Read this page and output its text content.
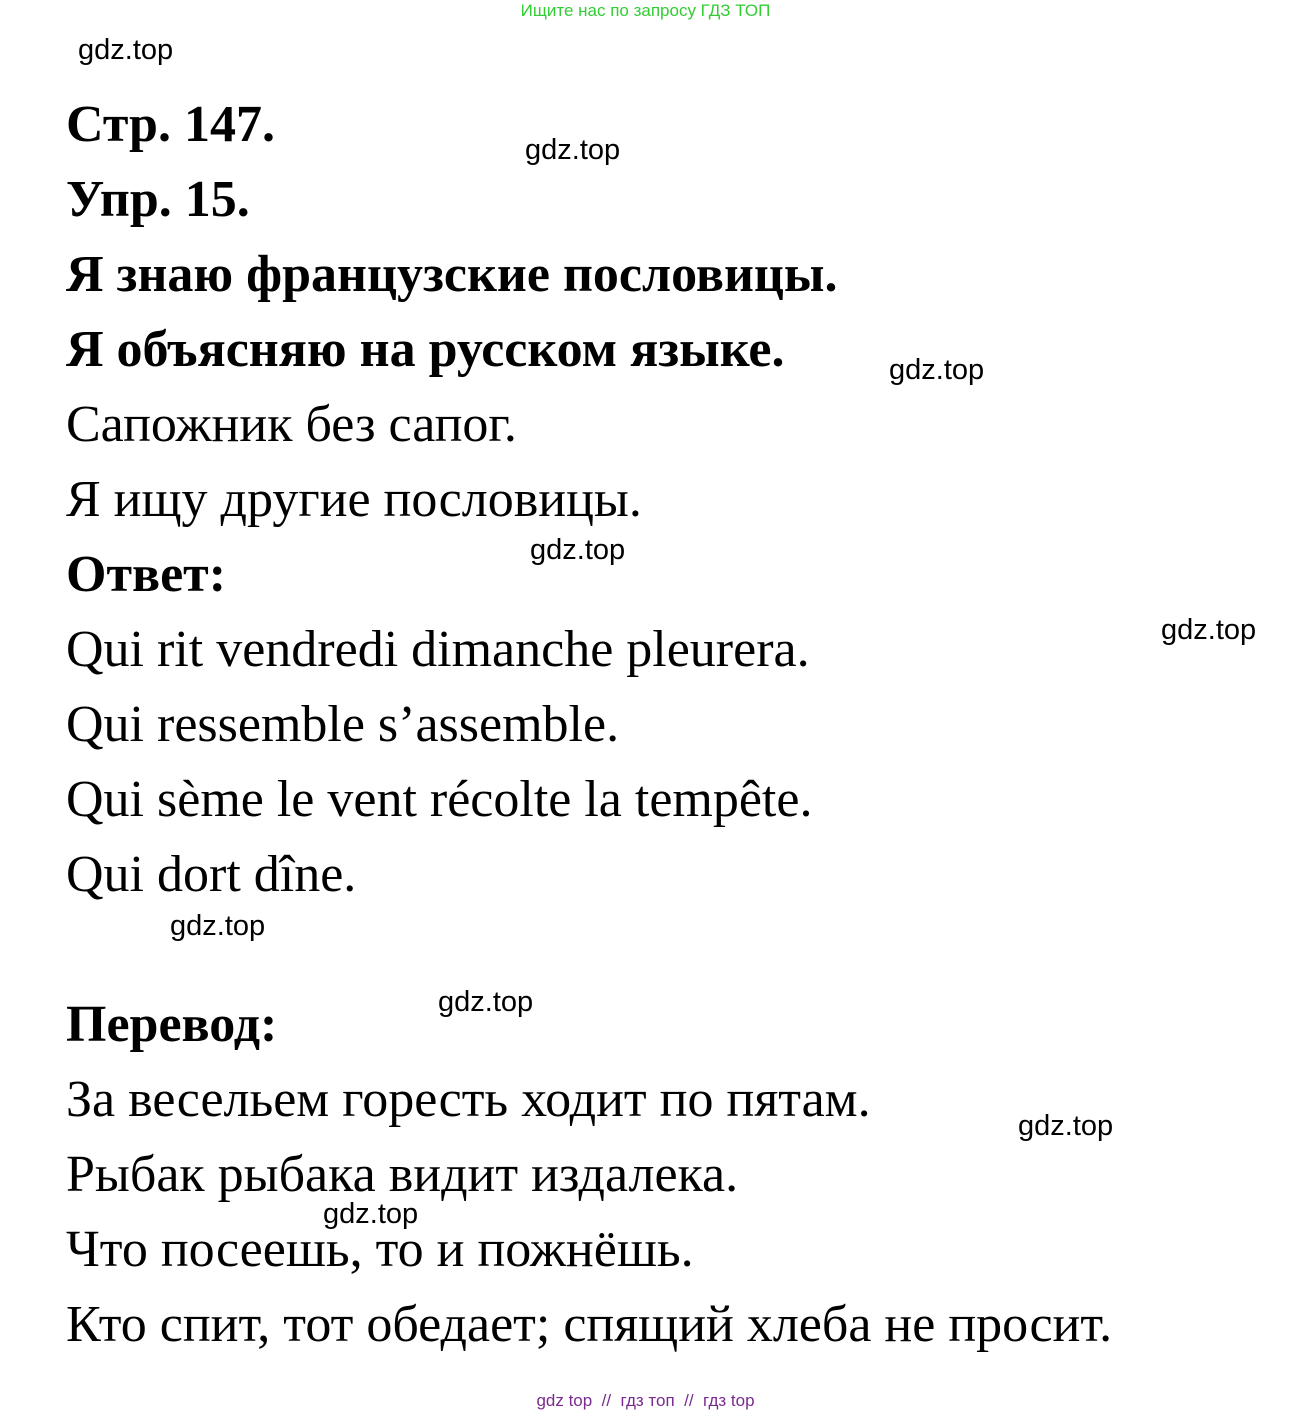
Ищите нас по запросу ГДЗ ТОП
gdz.top
gdz.top
gdz.top
gdz.top
gdz.top
gdz.top
gdz.top
gdz.top
gdz.top
Стр. 147.
Упр. 15.
Я знаю французские пословицы.
Я объясняю на русском языке.
Сапожник без сапог.
Я ищу другие пословицы.
Ответ:
Qui rit vendredi dimanche pleurera.
Qui ressemble s’assemble.
Qui sème le vent récolte la tempête.
Qui dort dîne.
Перевод:
За весельем горесть ходит по пятам.
Рыбак рыбака видит издалека.
Что посеешь, то и пожнёшь.
Кто спит, тот обедает; спящий хлеба не просит.
gdz top  //  гдз топ  //  гдз top
